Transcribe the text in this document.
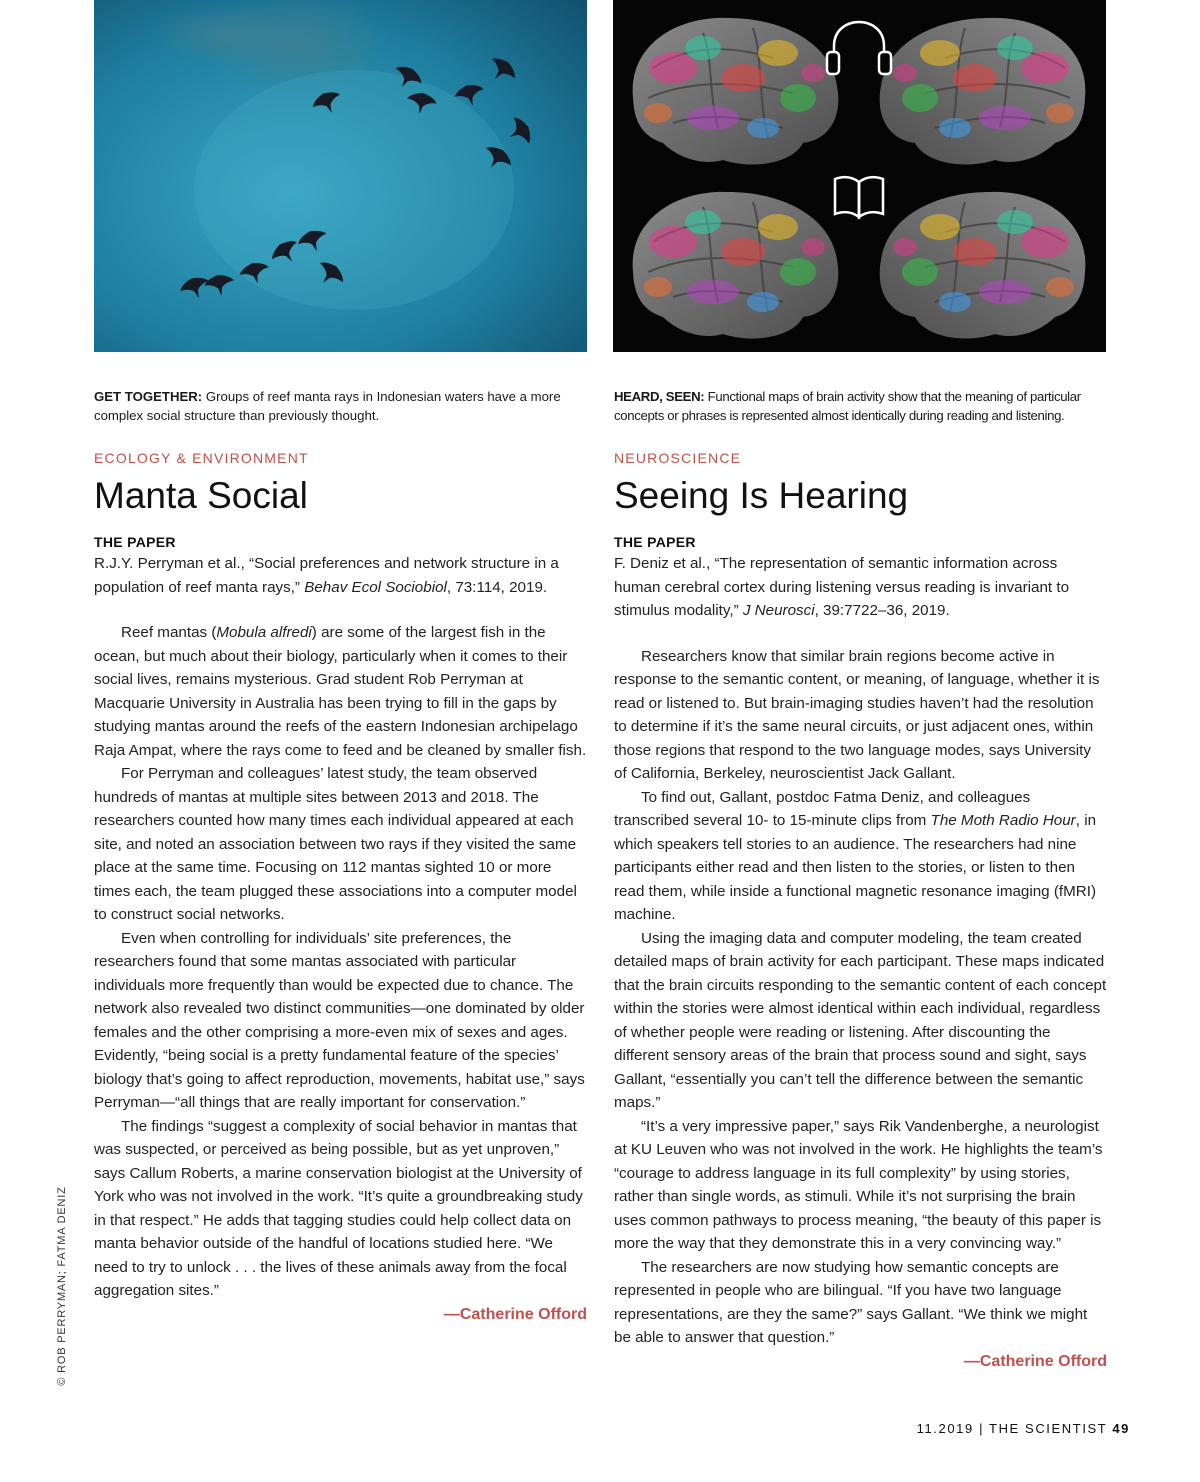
GET TOGETHER: Groups of reef manta rays in Indonesian waters have a more complex social structure than previously thought.
HEARD, SEEN: Functional maps of brain activity show that the meaning of particular concepts or phrases is represented almost identically during reading and listening.
ECOLOGY & ENVIRONMENT
Manta Social
THE PAPER
R.J.Y. Perryman et al., “Social preferences and network structure in a population of reef manta rays,” Behav Ecol Sociobiol, 73:114, 2019.

Reef mantas (Mobula alfredi) are some of the largest fish in the ocean, but much about their biology, particularly when it comes to their social lives, remains mysterious. Grad student Rob Perryman at Macquarie University in Australia has been trying to fill in the gaps by studying mantas around the reefs of the eastern Indonesian archipelago Raja Ampat, where the rays come to feed and be cleaned by smaller fish.

For Perryman and colleagues’ latest study, the team observed hundreds of mantas at multiple sites between 2013 and 2018. The researchers counted how many times each individual appeared at each site, and noted an association between two rays if they visited the same place at the same time. Focusing on 112 mantas sighted 10 or more times each, the team plugged these associations into a computer model to construct social networks.

Even when controlling for individuals’ site preferences, the researchers found that some mantas associated with particular individuals more frequently than would be expected due to chance. The network also revealed two distinct communities—one dominated by older females and the other comprising a more-even mix of sexes and ages. Evidently, “being social is a pretty fundamental feature of the species’ biology that’s going to affect reproduction, movements, habitat use,” says Perryman—“all things that are really important for conservation.”

The findings “suggest a complexity of social behavior in mantas that was suspected, or perceived as being possible, but as yet unproven,” says Callum Roberts, a marine conservation biologist at the University of York who was not involved in the work. “It’s quite a groundbreaking study in that respect.” He adds that tagging studies could help collect data on manta behavior outside of the handful of locations studied here. “We need to try to unlock . . . the lives of these animals away from the focal aggregation sites.”

—Catherine Offord
NEUROSCIENCE
Seeing Is Hearing
THE PAPER
F. Deniz et al., “The representation of semantic information across human cerebral cortex during listening versus reading is invariant to stimulus modality,” J Neurosci, 39:7722–36, 2019.

Researchers know that similar brain regions become active in response to the semantic content, or meaning, of language, whether it is read or listened to. But brain-imaging studies haven’t had the resolution to determine if it’s the same neural circuits, or just adjacent ones, within those regions that respond to the two language modes, says University of California, Berkeley, neuroscientist Jack Gallant.

To find out, Gallant, postdoc Fatma Deniz, and colleagues transcribed several 10- to 15-minute clips from The Moth Radio Hour, in which speakers tell stories to an audience. The researchers had nine participants either read and then listen to the stories, or listen to then read them, while inside a functional magnetic resonance imaging (fMRI) machine.

Using the imaging data and computer modeling, the team created detailed maps of brain activity for each participant. These maps indicated that the brain circuits responding to the semantic content of each concept within the stories were almost identical within each individual, regardless of whether people were reading or listening. After discounting the different sensory areas of the brain that process sound and sight, says Gallant, “essentially you can’t tell the difference between the semantic maps.”

“It’s a very impressive paper,” says Rik Vandenberghe, a neurologist at KU Leuven who was not involved in the work. He highlights the team’s “courage to address language in its full complexity” by using stories, rather than single words, as stimuli. While it’s not surprising the brain uses common pathways to process meaning, “the beauty of this paper is more the way that they demonstrate this in a very convincing way.”

The researchers are now studying how semantic concepts are represented in people who are bilingual. “If you have two language representations, are they the same?” says Gallant. “We think we might be able to answer that question.”

—Catherine Offord
© ROB PERRYMAN; FATMA DENIZ
11.2019 | THE SCIENTIST 49
